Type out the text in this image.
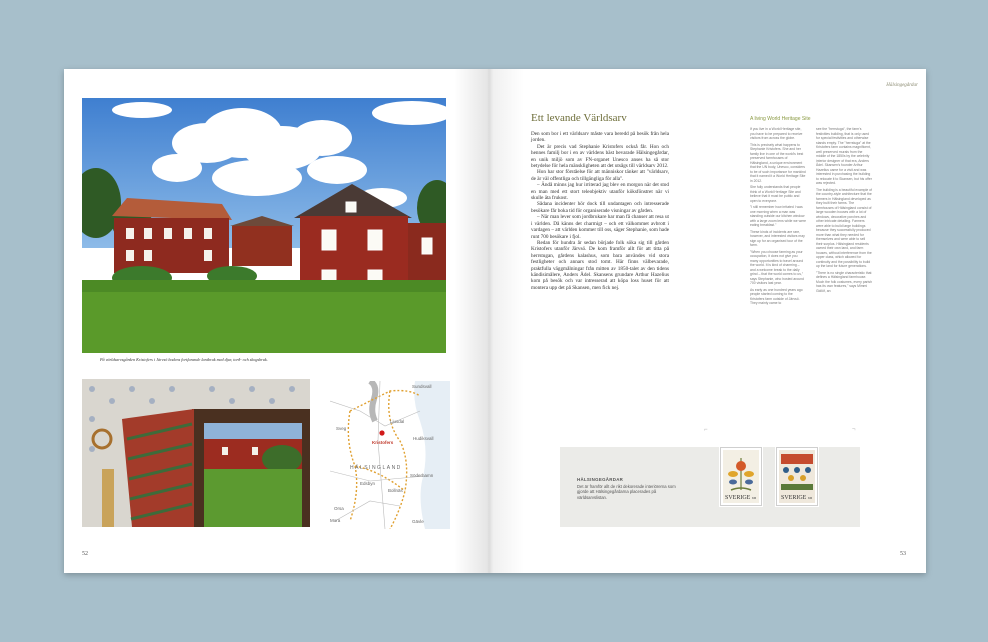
På världsarvsgården Kristofers i Järvsö bodens fortfarande lantbruk med djur, torð- och skogsbruk.
Sundsvall
Ljusdal
Kristofers
Hudiksvall
HÄLSINGLAND
Söderhamn
Bollnäs
Edsbyn
Sveg
Orsa
Mora	Gävle
52
Hälsingegårdar
Ett levande Världsarv

Den som bor i ett världsarv måste vara beredd på besök från hela jorden.

Det är precis vad Stephanie Kristofers också får. Hon och hennes familj bor i en av världens bäst bevarade Hälsingegårdar, en unik miljö som av FN-organet Unesco anses ha så stor betydelse för hela mänskligheten att det utsågs till världsarv 2012.

Hon har stor förståelse för att människor tänker att "världsarv, de är väl offentliga och tillgängliga för alla".

– Ändå minns jag hur irriterad jag blev en morgon när det stod en man med ett stort teleobjektiv utanför köksfönstret när vi skulle äta frukost.

Sådana incidenter hör dock till undantagen och intresserade besökare får boka tid för organiserade visningar av gården.

– När man lever som jordbrukare har man få chanser att resa ut i världen. Då känns det charmigt – och ett välkommet avbrott i vardagen – att världen kommer till oss, säger Stephanie, som hade runt 700 besökare i fjol.

Redan för hundra år sedan började folk söka sig till gården Kristofers utanför Järvsö. De kom framför allt för att titta på herrstugan, gårdens kalashus, som bara användes vid stora festligheter och annars stod tomt. Här finns välbevarade, praktfulla väggmålningar från mitten av 1850-talet av den tidens kändisimålere, Anders Ådel. Skansens grundare Arthur Hazelius kom på besök och var intresserad att köpa loss huset för att montera upp det på Skansen, men fick nej.

A living World Heritage Site

If you live in a World Heritage site, you have to be prepared to receive visitors from across the globe.

This is precisely what happens to Stephanie Kristofers. She and her family live in one of the world's best preserved farmhouses of Hälsingland, a unique environment that the UN body, Unesco, considers to be of such importance for mankind that it named it a World Heritage Site in 2012.

She fully understands that people think of a World Heritage Site and believe that it must be public and open to everyone.

"I still remember how irritated I was one morning when a man was standing outside our kitchen window with a large zoom lens while we were eating breakfast."

These kinds of incidents are rare, however, and interested visitors may sign up for an organised tour of the farm.

"When you choose farming as your occupation, it does not give you many opportunities to travel around the world. It is kind of charming – and a welcome break to the daily grind – that the world comes to us," says Stephanie, who hosted around 700 visitors last year.

As early as one hundred years ago people started coming to the Kristofers farm outside of Järvsö. They mainly came to

see the "herrstuga", the farm's festivities building, that is only used for special festivities and otherwise stands empty. The "herrstuga" at the Kristofers farm contains magnificent, well preserved murals from the middle of the 1850s by the celebrity interior designer of that era, Anders Ådel. Skansen's founder Arthur Hazelius came for a visit and was interested in purchasing the building to relocate it to Skansen, but his offer was rejected.

The building is a beautiful example of the country-style architecture that the farmers in Hälsingland developed as they built their farms. The farmhouses of Hälsingland consist of large wooden houses with a lot of windows, decorative porches and other intricate detailing. Farmers were able to build large buildings because they successfully produced more than what they needed for themselves and were able to sell their surplus. Hälsingland residents owned their own land, and farm houses, without interference from the upper class, which allowed for continuity and the possibility to build up the land for future generations.

"There is no single characteristic that defines a Hälsingland farmhouse. Much the folk costumes, every parish has its own features," says Mimmi Gidlöf, an

⌐	¬
HÄLSINGEGÅRDAR
Det är framför allt de rikt dekorerade interiörerna som gjorde att Hälsingegårdarna placerades på världsarvslistan.	SVERIGE KR	SVERIGE KR
53
